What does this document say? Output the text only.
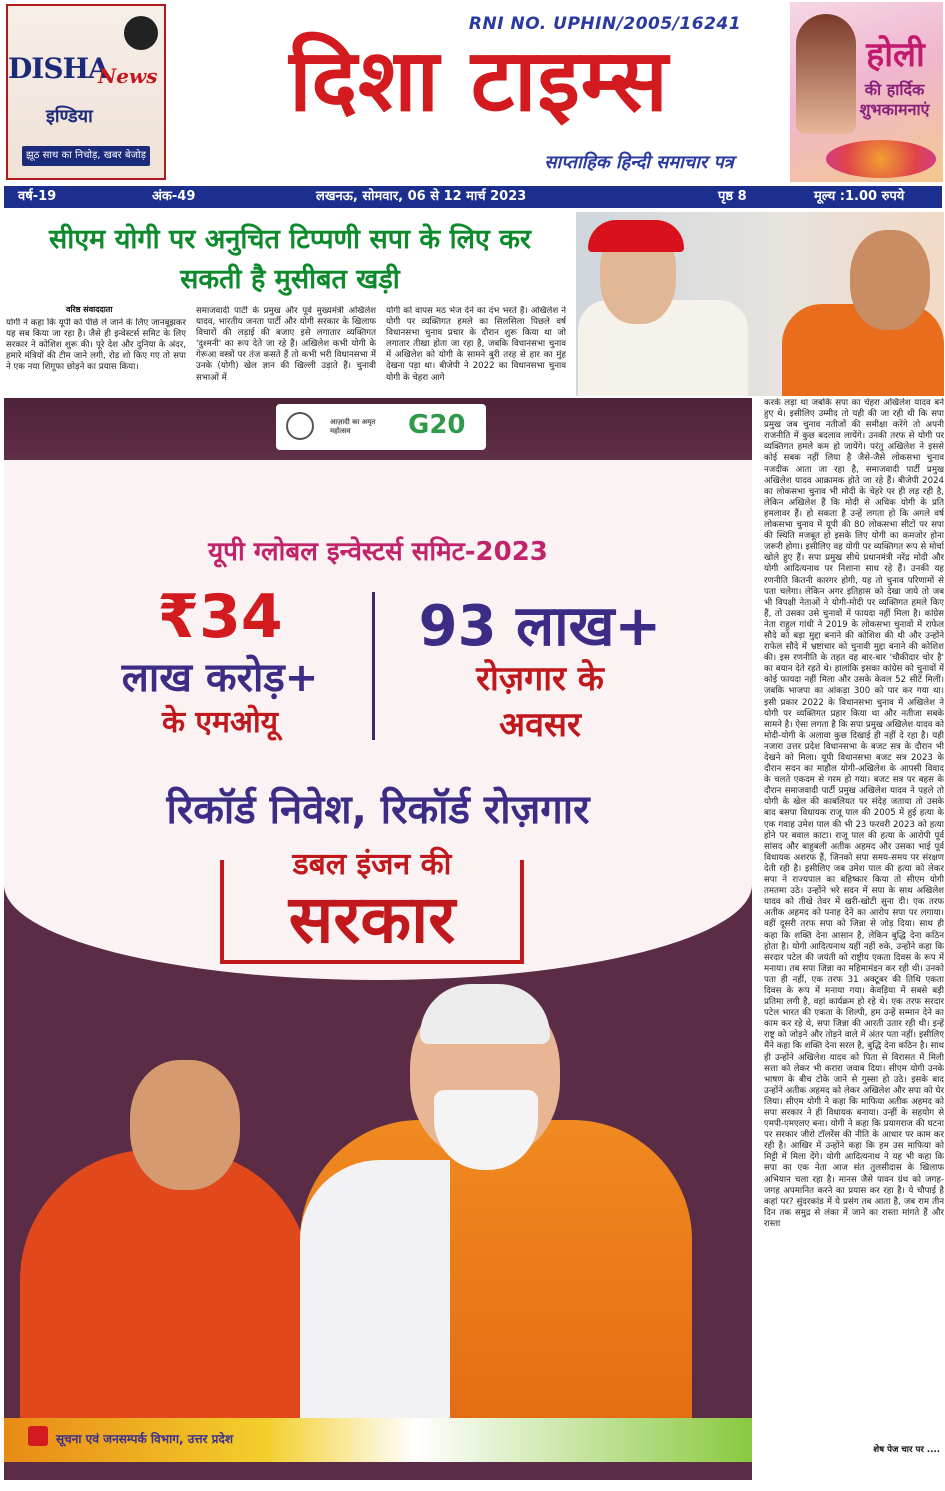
DISHA
News
इण्डिया
झूठ साथ का निचोड़, खबर बेजोड़
RNI NO. UPHIN/2005/16241
दिशा टाइम्स
साप्ताहिक हिन्दी समाचार पत्र
होली
की हार्दिक
शुभकामनाएं
वर्ष-19	अंक-49	लखनऊ, सोमवार, 06 से 12 मार्च 2023	पृष्ठ 8	मूल्य :1.00 रुपये
सीएम योगी पर अनुचित टिप्पणी सपा के लिए कर
सकती है मुसीबत खड़ी
वरिष्ठ संवाददाता
योगी ने कहा कि यूपी को पीछे ले जाने के लिए जानबूझकर यह सब किया जा रहा है। जैसे ही इन्वेस्टर्स समिट के लिए सरकार ने कोशिश शुरू की। पूरे देश और दुनिया के अंदर, हमारे मंत्रियों की टीम जाने लगी, रोड शो किए गए तो सपा ने एक नया शिगूफा छोड़ने का प्रयास किया।
समाजवादी पार्टी के प्रमुख और पूर्व मुख्यमंत्री अखिलेश यादव, भारतीय जनता पार्टी और योगी सरकार के खिलाफ विचारों की लड़ाई की बजाए इसे लगातार व्यक्तिगत 'दुश्मनी' का रूप देते जा रहे हैं। अखिलेश कभी योगी के गेरूआ वस्त्रों पर तंज कसते हैं तो कभी भरी विधानसभा में उनके (योगी) खेल ज्ञान की खिल्ली उड़ाते हैं। चुनावी सभाओं में
योगी को वापस मठ भेज देने का दंभ भरते हैं। अखिलेश ने योगी पर व्यक्तिगत हमले का सिलसिला पिछले वर्ष विधानसभा चुनाव प्रचार के दौरान शुरू किया था जो लगातार तीखा होता जा रहा है, जबकि विधानसभा चुनाव में अखिलेश को योगी के सामने बुरी तरह से हार का मुंह देखना पड़ा था। बीजेपी ने 2022 का विधानसभा चुनाव योगी के चेहरा आगे
करके लड़ा था जबकि सपा का चेहरा अखिलेश यादव बने हुए थे। इसीलिए उम्मीद तो यही की जा रही थी कि सपा प्रमुख जब चुनाव नतीजों की समीक्षा करेंगे तो अपनी राजनीति में कुछ बदलाव लायेंगे। उनकी तरफ से योगी पर व्यक्तिगत हमले कम हो जायेंगे। परंतु अखिलेश ने इससे कोई सबक नहीं लिया है जैसे-जैसे लोकसभा चुनाव नजदीक आता जा रहा है, समाजवादी पार्टी प्रमुख अखिलेश यादव आक्रामक होते जा रहे हैं। बीजेपी 2024 का लोकसभा चुनाव भी मोदी के चेहरे पर ही लड़ रही है, लेकिन अखिलेश हैं कि मोदी से अधिक योगी के प्रति हमलावर हैं। हो सकता है उन्हें लगता हो कि अगले वर्ष लोकसभा चुनाव में यूपी की 80 लोकसभा सीटों पर सपा की स्थिति मजबूत हो इसके लिए योगी का कमजोर होना जरूरी होगा। इसीलिए वह योगी पर व्यक्तिगत रूप से मोर्चा खोले हुए हैं। सपा प्रमुख सीधे प्रधानमंत्री नरेंद्र मोदी और योगी आदित्यनाथ पर निशाना साध रहे हैं। उनकी यह रणनीति कितनी कारगर होगी, यह तो चुनाव परिणामों से पता चलेगा। लेकिन अगर इतिहास को देखा जाये तो जब भी विपक्षी नेताओं ने योगी-मोदी पर व्यक्तिगत हमले किए हैं, तो उसका उसे चुनावों में फायदा नहीं मिला है। कांग्रेस नेता राहुल गांधी ने 2019 के लोकसभा चुनावों में राफेल सौदे को बड़ा मुद्दा बनाने की कोशिश की थी और उन्होंने राफेल सौदे में भ्रष्टाचार को चुनावी मुद्दा बनाने की कोशिश की। इस रणनीति के तहत वह बार-बार 'चौकीदार चोर है' का बयान देते रहते थे। हालांकि इसका कांग्रेस को चुनावों में कोई फायदा नहीं मिला और उसके केवल 52 सीटें मिलीं। जबकि भाजपा का आंकड़ा 300 को पार कर गया था। इसी प्रकार 2022 के विधानसभा चुनाव में अखिलेश ने योगी पर व्यक्तिगत प्रहार किया था और नतीजा सबके सामने है। ऐसा लगता है कि सपा प्रमुख अखिलेश यादव को मोदी-योगी के अलावा कुछ दिखाई ही नहीं दे रहा है। यही नजारा उत्तर प्रदेश विधानसभा के बजट सत्र के दौरान भी देखने को मिला। यूपी विधानसभा बजट सत्र 2023 के दौरान सदन का माहौल योगी-अखिलेश के आपसी विवाद के चलते एकदम से गरम हो गया। बजट सत्र पर बहस के दौरान समाजवादी पार्टी प्रमुख अखिलेश यादव ने पहले तो योगी के खेल की काबलियत पर संदेह जताया तो उसके बाद बसपा विधायक राजू पाल की 2005 में हुई हत्या के एक गवाह उमेश पाल की भी 23 फरवरी 2023 को हत्या होने पर बवाल काटा। राजू पाल की हत्या के आरोपी पूर्व सांसद और बाहुबली अतीक अहमद और उसका भाई पूर्व विधायक अशरफ हैं, जिनको सपा समय-समय पर संरक्षण देती रही है। इसीलिए जब उमेश पाल की हत्या को लेकर सपा ने राज्यपाल का बहिष्कार किया तो सीएम योगी तमतमा उठे। उन्होंने भरे सदन में सपा के साथ अखिलेश यादव को तीखे तेवर में खरी-खोटी सुना दी। एक तरफ अतीक अहमद को पनाह देने का आरोप सपा पर लगाया। वहीं दूसरी तरफ सपा को जिन्ना से जोड़ दिया। साथ ही कहा कि शक्ति देना आसान है, लेकिन बुद्धि देना कठिन होता है। योगी आदित्यनाथ यहीं नहीं रुके, उन्होंने कहा कि सरदार पटेल की जयंती को राष्ट्रीय एकता दिवस के रूप में मनाया। तब सपा जिन्ना का महिमामंडन कर रही थी। उनको पता ही नहीं, एक तरफ 31 अक्टूबर की तिथि एकता दिवस के रूप में मनाया गया। केवड़िया में सबसे बड़ी प्रतिमा लगी है, वहां कार्यक्रम हो रहे थे। एक तरफ सरदार पटेल भारत की एकता के शिल्पी, हम उन्हें सम्मान देने का काम कर रहे थे, सपा जिन्ना की आरती उतार रही थी। इन्हें राष्ट्र को जोड़ने और तोड़ने वाले में अंतर पता नहीं। इसीलिए मैंने कहा कि शक्ति देना सरल है, बुद्धि देना कठिन है। साथ ही उन्होंने अखिलेश यादव को पिता से विरासत में मिली सत्ता को लेकर भी करारा जवाब दिया। सीएम योगी उनके भाषण के बीच टोके जाने से गुस्सा हो उठे। इसके बाद उन्होंने अतीक अहमद को लेकर अखिलेश और सपा को घेर लिया। सीएम योगी ने कहा कि माफिया अतीक अहमद को सपा सरकार ने ही विधायक बनाया। उन्हीं के सहयोग से एमपी-एमएलए बना। योगी ने कहा कि प्रयागराज की घटना पर सरकार जीरो टॉलरेंस की नीति के आधार पर काम कर रही है। आखिर में उन्होंने कहा कि हम उस माफिया को मिट्टी में मिला देंगे। योगी आदित्यनाथ ने यह भी कहा कि सपा का एक नेता आज संत तुलसीदास के खिलाफ अभियान चला रहा है। मानस जैसे पावन ग्रंथ को जगह-जगह अपमानित करने का प्रयास कर रहा है। ये चौपाई है कहां पर? सुंदरकांड में ये प्रसंग तब आता है, जब राम तीन दिन तक समुद्र से लंका में जाने का रास्ता मांगते हैं और रास्ता
शेष पेज चार पर ....
आज़ादी का अमृत महोत्सव	G20
यूपी ग्लोबल इन्वेस्टर्स समिट-2023
₹34
लाख करोड़+
के एमओयू
93 लाख+
रोज़गार के
अवसर
रिकॉर्ड निवेश, रिकॉर्ड रोज़गार
डबल इंजन की
सरकार
सूचना एवं जनसम्पर्क विभाग, उत्तर प्रदेश
